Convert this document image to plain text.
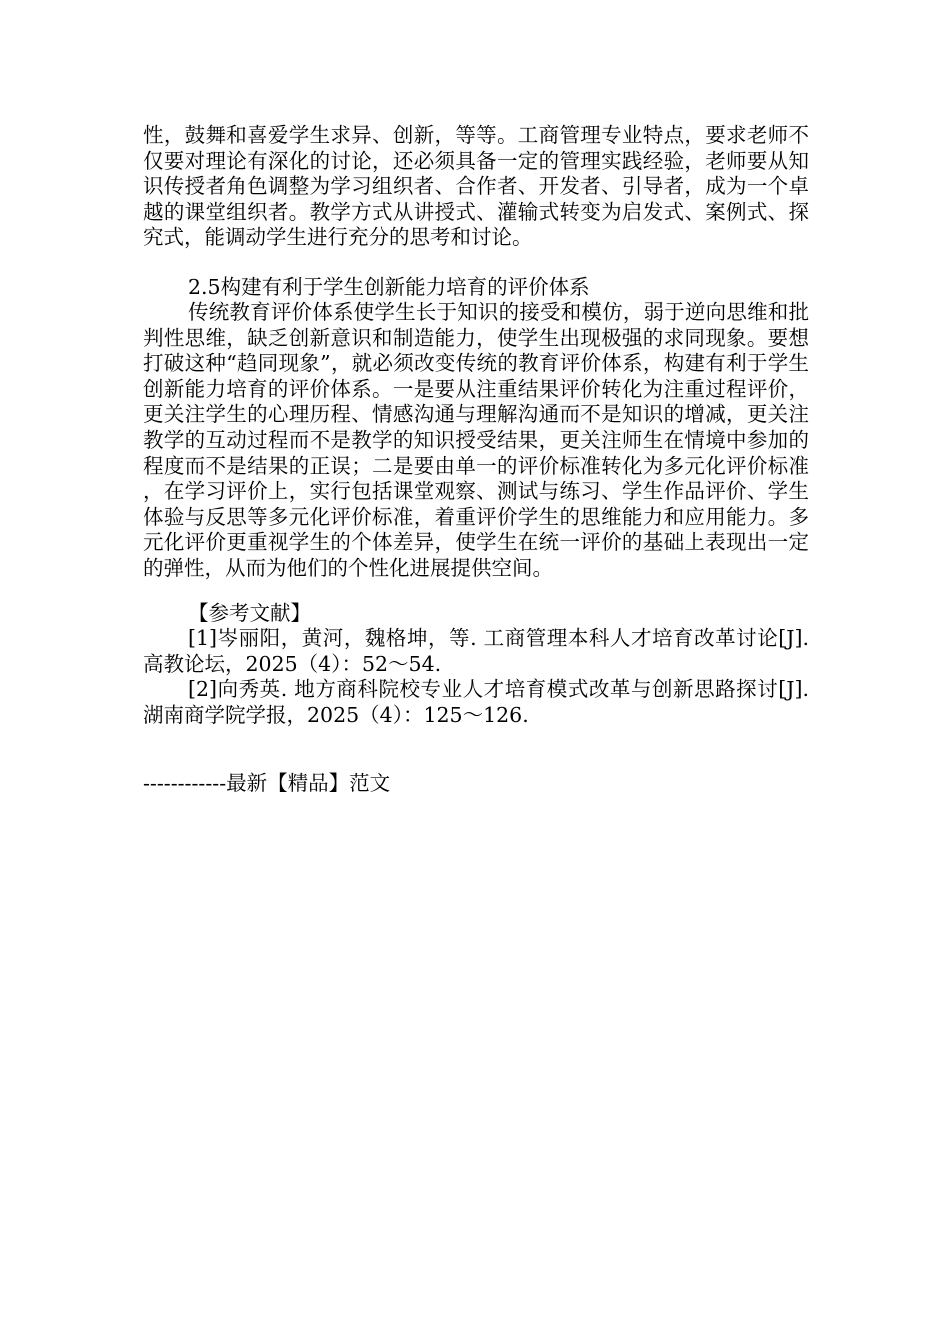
性，鼓舞和喜爱学生求异、创新，等等。工商管理专业特点，要求老师不仅要对理论有深化的讨论，还必须具备一定的管理实践经验，老师要从知识传授者角色调整为学习组织者、合作者、开发者、引导者，成为一个卓越的课堂组织者。教学方式从讲授式、灌输式转变为启发式、案例式、探究式，能调动学生进行充分的思考和讨论。
2.5构建有利于学生创新能力培育的评价体系
传统教育评价体系使学生长于知识的接受和模仿，弱于逆向思维和批判性思维，缺乏创新意识和制造能力，使学生出现极强的求同现象。要想打破这种“趋同现象”，就必须改变传统的教育评价体系，构建有利于学生创新能力培育的评价体系。一是要从注重结果评价转化为注重过程评价，更关注学生的心理历程、情感沟通与理解沟通而不是知识的增减，更关注教学的互动过程而不是教学的知识授受结果，更关注师生在情境中参加的程度而不是结果的正误；二是要由单一的评价标准转化为多元化评价标准，在学习评价上，实行包括课堂观察、测试与练习、学生作品评价、学生体验与反思等多元化评价标准，着重评价学生的思维能力和应用能力。多元化评价更重视学生的个体差异，使学生在统一评价的基础上表现出一定的弹性，从而为他们的个性化进展提供空间。
【参考文献】
[1]岑丽阳，黄河，魏格坤，等. 工商管理本科人才培育改革讨论[J]. 高教论坛，2025（4）：52～54.
[2]向秀英. 地方商科院校专业人才培育模式改革与创新思路探讨[J]. 湖南商学院学报，2025（4）：125～126.
------------最新【精品】范文
